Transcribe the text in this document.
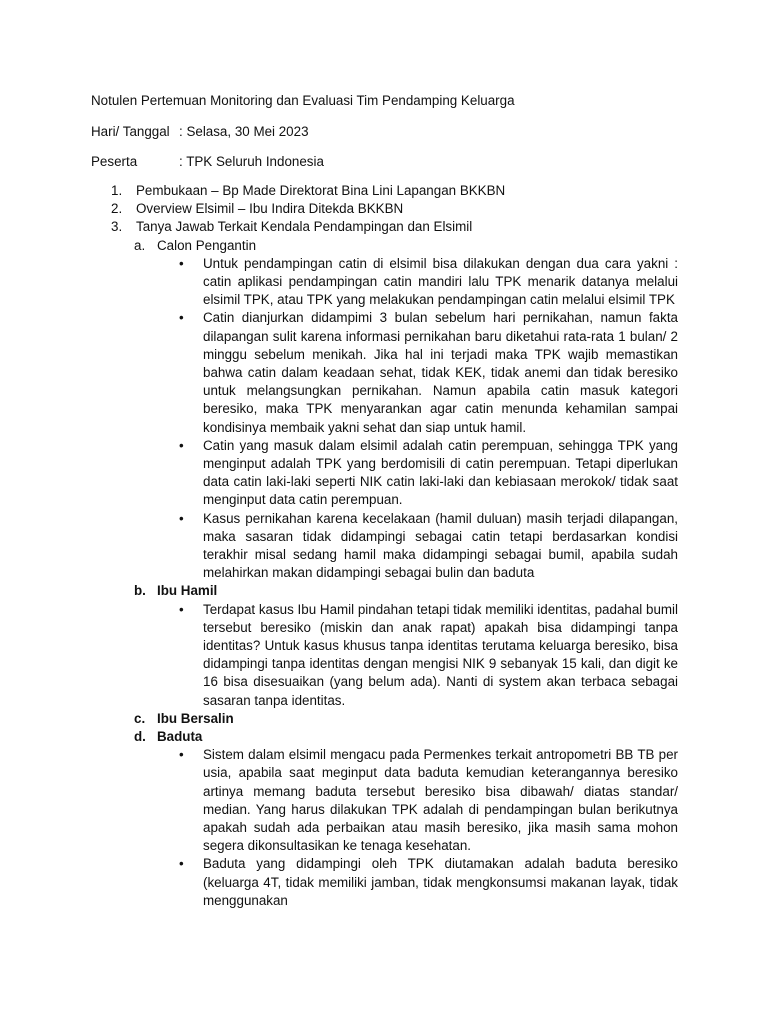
Notulen Pertemuan Monitoring dan Evaluasi Tim Pendamping Keluarga
Hari/ Tanggal : Selasa, 30 Mei 2023
Peserta	: TPK Seluruh Indonesia
1. Pembukaan – Bp Made Direktorat Bina Lini Lapangan BKKBN
2. Overview Elsimil – Ibu Indira Ditekda BKKBN
3. Tanya Jawab Terkait Kendala Pendampingan dan Elsimil
a. Calon Pengantin
• Untuk pendampingan catin di elsimil bisa dilakukan dengan dua cara yakni : catin aplikasi pendampingan catin mandiri lalu TPK menarik datanya melalui elsimil TPK, atau TPK yang melakukan pendampingan catin melalui elsimil TPK

• Catin dianjurkan didampimi 3 bulan sebelum hari pernikahan, namun fakta dilapangan sulit karena informasi pernikahan baru diketahui rata-rata 1 bulan/ 2 minggu sebelum menikah. Jika hal ini terjadi maka TPK wajib memastikan bahwa catin dalam keadaan sehat, tidak KEK, tidak anemi dan tidak beresiko untuk melangsungkan pernikahan. Namun apabila catin masuk kategori beresiko, maka TPK menyarankan agar catin menunda kehamilan sampai kondisinya membaik yakni sehat dan siap untuk hamil.

• Catin yang masuk dalam elsimil adalah catin perempuan, sehingga TPK yang menginput adalah TPK yang berdomisili di catin perempuan. Tetapi diperlukan data catin laki-laki seperti NIK catin laki-laki dan kebiasaan merokok/ tidak saat menginput data catin perempuan.

• Kasus pernikahan karena kecelakaan (hamil duluan) masih terjadi dilapangan, maka sasaran tidak didampingi sebagai catin tetapi berdasarkan kondisi terakhir misal sedang hamil maka didampingi sebagai bumil, apabila sudah melahirkan makan didampingi sebagai bulin dan baduta

b. Ibu Hamil
• Terdapat kasus Ibu Hamil pindahan tetapi tidak memiliki identitas, padahal bumil tersebut beresiko (miskin dan anak rapat) apakah bisa didampingi tanpa identitas? Untuk kasus khusus tanpa identitas terutama keluarga beresiko, bisa didampingi tanpa identitas dengan mengisi NIK 9 sebanyak 15 kali, dan digit ke 16 bisa disesuaikan (yang belum ada). Nanti di system akan terbaca sebagai sasaran tanpa identitas.

c. Ibu Bersalin
d. Baduta
• Sistem dalam elsimil mengacu pada Permenkes terkait antropometri BB TB per usia, apabila saat meginput data baduta kemudian keterangannya beresiko artinya memang baduta tersebut beresiko bisa dibawah/ diatas standar/ median. Yang harus dilakukan TPK adalah di pendampingan bulan berikutnya apakah sudah ada perbaikan atau masih beresiko, jika masih sama mohon segera dikonsultasikan ke tenaga kesehatan.

• Baduta yang didampingi oleh TPK diutamakan adalah baduta beresiko (keluarga 4T, tidak memiliki jamban, tidak mengkonsumsi makanan layak, tidak menggunakan
